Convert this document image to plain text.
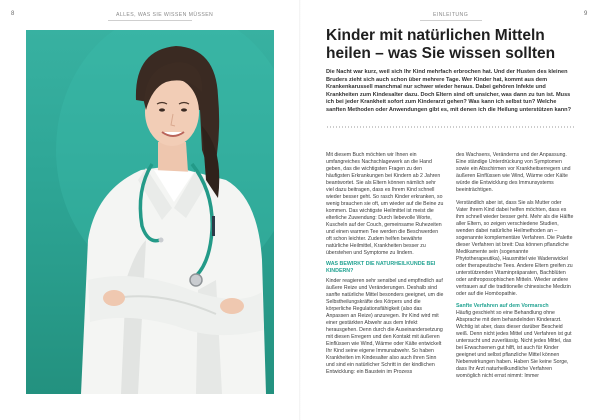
8	ALLES, WAS SIE WISSEN MÜSSEN	EINLEITUNG	9
Kinder mit natürlichen Mitteln heilen – was Sie wissen sollten
Die Nacht war kurz, weil sich Ihr Kind mehrfach erbrochen hat. Und der Husten des kleinen Bruders zieht sich auch schon über mehrere Tage. Wer Kinder hat, kommt aus dem Krankenkarussell manchmal nur schwer wieder heraus. Dabei gehören Infekte und Krankheiten zum Kindesalter dazu. Doch Eltern sind oft unsicher, was dann zu tun ist. Muss ich bei jeder Krankheit sofort zum Kinderarzt gehen? Was kann ich selbst tun? Welche sanften Methoden oder Anwendungen gibt es, mit denen ich die Heilung unterstützen kann?

Mit diesem Buch möchten wir Ihnen ein umfangreiches Nachschlagewerk an die Hand geben, das die wichtigsten Fragen zu den häufigsten Erkrankungen bei Kindern ab 2 Jahren beantwortet. Sie als Eltern können nämlich sehr viel dazu beitragen, dass es Ihrem Kind schnell wieder besser geht. So rasch Kinder erkranken, so wenig brauchen sie oft, um wieder auf die Beine zu kommen. Das wichtigste Heilmittel ist meist die elterliche Zuwendung: Durch liebevolle Worte, Kuscheln auf der Couch, gemeinsame Ruhezeiten und einen warmen Tee werden die Beschwerden oft schon leichter. Zudem helfen bewährte natürliche Heilmittel, Krankheiten besser zu überstehen und Symptome zu lindern.

WAS BEWIRKT DIE NATURHEILKUNDE BEI KINDERN?

Kinder reagieren sehr sensibel und empfindlich auf äußere Reize und Veränderungen. Deshalb sind sanfte natürliche Mittel besonders geeignet, um die Selbstheilungskräfte des Körpers und die körperliche Regulationsfähigkeit (also das Anpassen an Reize) anzuregen. Ihr Kind wird mit einer gestärkten Abwehr aus dem Infekt herausgehen. Denn durch die Auseinandersetzung mit diesen Erregern und den Kontakt mit äußeren Einflüssen wie Wind, Wärme oder Kälte entwickelt Ihr Kind seine eigene Immunabwehr. So haben Krankheiten im Kindesalter also auch ihren Sinn und sind ein natürlicher Schritt in der kindlichen Entwicklung: ein Baustein im Prozess

des Wachsens, Veränderns und der Anpassung. Eine ständige Unterdrückung von Symptomen sowie ein Abschirmen vor Krankheitserregern und äußeren Einflüssen wie Wind, Wärme oder Kälte würde die Entwicklung des Immunsystems beeinträchtigen.

Verständlich aber ist, dass Sie als Mutter oder Vater Ihrem Kind dabei helfen möchten, dass es ihm schnell wieder besser geht. Mehr als die Hälfte aller Eltern, so zeigen verschiedene Studien, wenden dabei natürliche Heilmethoden an – sogenannte komplementäre Verfahren. Die Palette dieser Verfahren ist breit: Das können pflanzliche Medikamente sein (sogenannte Phytotherapeutika), Hausmittel wie Wadenwickel oder therapeutische Tees. Andere Eltern greifen zu unterstützenden Vitaminpräparaten, Bachblüten oder anthroposophischen Mitteln. Wieder andere vertrauen auf die traditionelle chinesische Medizin oder auf die Homöopathie.

Sanfte Verfahren auf dem Vormarsch

Häufig geschieht so eine Behandlung ohne Absprache mit dem behandelnden Kinderarzt. Wichtig ist aber, dass dieser darüber Bescheid weiß. Denn nicht jedes Mittel und Verfahren ist gut untersucht und zuverlässig. Nicht jedes Mittel, das bei Erwachsenen gut hilft, ist auch für Kinder geeignet und selbst pflanzliche Mittel können Nebenwirkungen haben. Haben Sie keine Sorge, dass Ihr Arzt naturheilkundliche Verfahren womöglich nicht ernst nimmt: Immer
